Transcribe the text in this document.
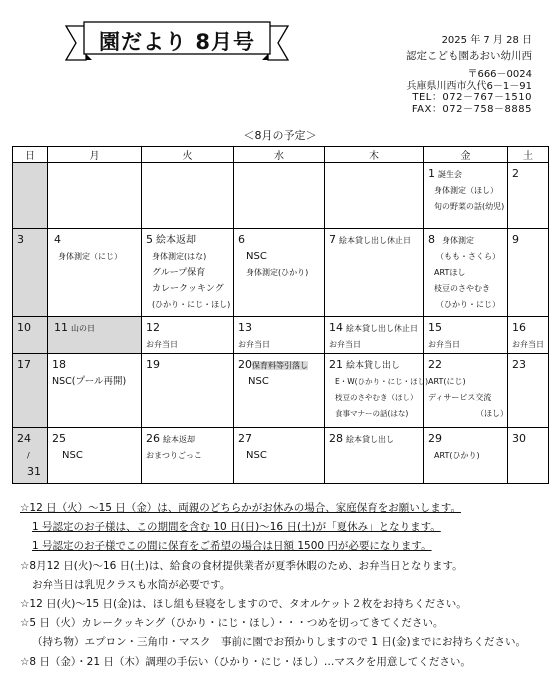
園だより 8月号	2025 年 7 月 28 日
認定こども園あおい幼川西
〒666－0024
兵庫県川西市久代6－1－91
TEL：072－767－1510
FAX：072－758－8885
＜8月の予定＞
日	月	火	水	木	金	土
					1 誕生会
身体測定（ほし）
旬の野菜の話(幼児)	2
3	4
身体測定（にじ）	5 絵本返却
身体測定(はな)
グループ保育
カレークッキング
(ひかり・にじ・ほし)	6
NSC
身体測定(ひかり)	7 絵本貸し出し休止日	8 身体測定
（もも・さくら）
ARTほし
枝豆のさやむき
（ひかり・にじ）	9
10	11 山の日	12
お弁当日	13
お弁当日	14 絵本貸し出し休止日
お弁当日	15
お弁当日	16
お弁当日
17	18
NSC(プール再開)	19	20保育料等引落し
NSC	21 絵本貸し出し
E・W(ひかり・にじ・ほし)
枝豆のさやむき（ほし）
食事マナーの話(はな)	22
ART(にじ)
ディサービス交流
（ほし）	23
24
/
31	25
NSC	26 絵本返却
おまつりごっこ	27
NSC	28 絵本貸し出し	29
ART(ひかり)	30
☆12 日（火）～15 日（金）は、両親のどちらかがお休みの場合、家庭保育をお願いします。
1 号認定のお子様は、この期間を含む 10 日(日)～16 日(土)が「夏休み」となります。
1 号認定のお子様でこの間に保育をご希望の場合は日額 1500 円が必要になります。
☆8月12 日(火)～16 日(土)は、給食の食材提供業者が夏季休暇のため、お弁当日となります。
お弁当日は乳児クラスも水筒が必要です。
☆12 日(火)～15 日(金)は、ほし組も昼寝をしますので、タオルケット２枚をお持ちください。
☆5 日（火）カレークッキング（ひかり・にじ・ほし）・・・つめを切ってきてください。
（持ち物）エプロン・三角巾・マスク　事前に園でお預かりしますので 1 日(金)までにお持ちください。
☆8 日（金）・21 日（木）調理の手伝い（ひかり・にじ・ほし）…マスクを用意してください。
